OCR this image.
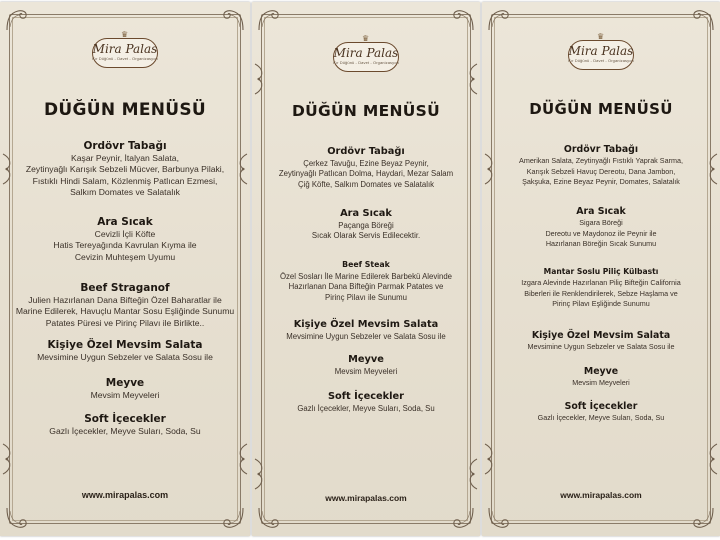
♛
Mira Palas
Kır Düğünü - Davet - Organizasyon
DÜĞÜN MENÜSÜ
Ordövr Tabağı
Kaşar Peynir, İtalyan Salata,
Zeytinyağlı Karışık Sebzeli Mücver, Barbunya Pilaki,
Fıstıklı Hindi Salam, Közlenmiş Patlıcan Ezmesi,
Salkım Domates ve Salatalık
Ara Sıcak
Cevizli İçli Köfte
Hatis Tereyağında Kavrulan Kıyma ile
Cevizin Muhteşem Uyumu
Beef Straganof
Julien Hazırlanan Dana Bifteğin Özel Baharatlar ile
Marine Edilerek, Havuçlu Mantar Sosu Eşliğinde Sunumu
Patates Püresi ve Pirinç Pilavı ile Birlikte..
Kişiye Özel Mevsim Salata
Mevsimine Uygun Sebzeler ve Salata Sosu ile
Meyve
Mevsim Meyveleri
Soft İçecekler
Gazlı İçecekler, Meyve Suları, Soda, Su
www.mirapalas.com
♛
Mira Palas
Kır Düğünü - Davet - Organizasyon
DÜĞÜN MENÜSÜ
Ordövr Tabağı
Çerkez Tavuğu, Ezine Beyaz Peynir,
Zeytinyağlı Patlıcan Dolma, Haydari, Mezar Salam
Çiğ Köfte, Salkım Domates ve Salatalık
Ara Sıcak
Paçanga Böreği
Sıcak Olarak Servis Edilecektir.
Beef Steak
Özel Sosları İle Marine Edilerek Barbekü Alevinde
Hazırlanan Dana Bifteğin Parmak Patates ve
Pirinç Pilavı ile Sunumu
Kişiye Özel Mevsim Salata
Mevsimine Uygun Sebzeler ve Salata Sosu ile
Meyve
Mevsim Meyveleri
Soft İçecekler
Gazlı İçecekler, Meyve Suları, Soda, Su
www.mirapalas.com
♛
Mira Palas
Kır Düğünü - Davet - Organizasyon
DÜĞÜN MENÜSÜ
Ordövr Tabağı
Amerikan Salata, Zeytinyağlı Fıstıklı Yaprak Sarma,
Karışık Sebzeli Havuç Dereotu, Dana Jambon,
Şakşuka, Ezine Beyaz Peynir, Domates, Salatalık
Ara Sıcak
Sigara Böreği
Dereotu ve Maydonoz ile Peynir ile
Hazırlanan Böreğin Sıcak Sunumu
Mantar Soslu Piliç Külbastı
Izgara Alevinde Hazırlanan Piliç Bifteğin California
Biberleri ile Renklendirilerek, Sebze Haşlama ve
Pirinç Pilavı Eşliğinde Sunumu
Kişiye Özel Mevsim Salata
Mevsimine Uygun Sebzeler ve Salata Sosu ile
Meyve
Mevsim Meyveleri
Soft İçecekler
Gazlı İçecekler, Meyve Suları, Soda, Su
www.mirapalas.com
